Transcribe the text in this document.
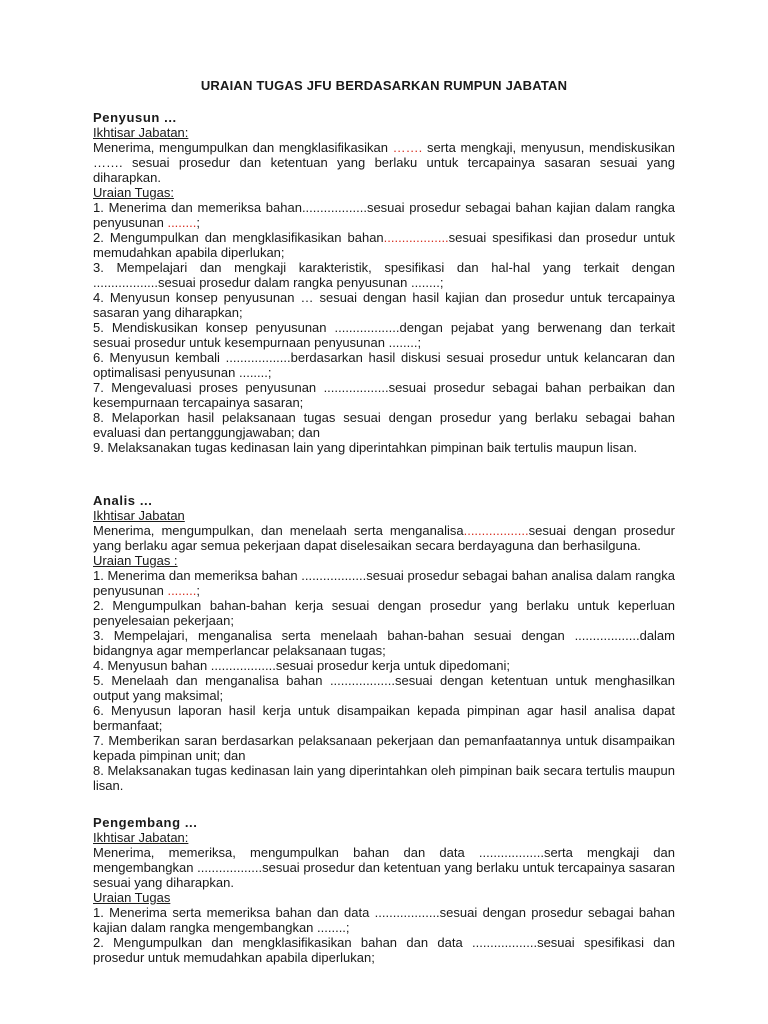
URAIAN TUGAS JFU BERDASARKAN RUMPUN JABATAN
Penyusun ...
Ikhtisar Jabatan:
Menerima, mengumpulkan dan mengklasifikasikan ……. serta mengkaji, menyusun, mendiskusikan ……. sesuai prosedur dan ketentuan yang berlaku untuk tercapainya sasaran sesuai yang diharapkan.
Uraian Tugas:
1. Menerima dan memeriksa bahan..................sesuai prosedur sebagai bahan kajian dalam rangka penyusunan ........;
2. Mengumpulkan dan mengklasifikasikan bahan..................sesuai spesifikasi dan prosedur untuk memudahkan apabila diperlukan;
3. Mempelajari dan mengkaji karakteristik, spesifikasi dan hal-hal yang terkait dengan ..................sesuai prosedur dalam rangka penyusunan ........;
4. Menyusun konsep penyusunan … sesuai dengan hasil kajian dan prosedur untuk tercapainya sasaran yang diharapkan;
5. Mendiskusikan konsep penyusunan ..................dengan pejabat yang berwenang dan terkait sesuai prosedur untuk kesempurnaan penyusunan ........;
6. Menyusun kembali ..................berdasarkan hasil diskusi sesuai prosedur untuk kelancaran dan optimalisasi penyusunan ........;
7. Mengevaluasi proses penyusunan ..................sesuai prosedur sebagai bahan perbaikan dan kesempurnaan tercapainya sasaran;
8. Melaporkan hasil pelaksanaan tugas sesuai dengan prosedur yang berlaku sebagai bahan evaluasi dan pertanggungjawaban; dan
9. Melaksanakan tugas kedinasan lain yang diperintahkan pimpinan baik tertulis maupun lisan.
Analis ...
Ikhtisar Jabatan
Menerima, mengumpulkan, dan menelaah serta menganalisa..................sesuai dengan prosedur yang berlaku agar semua pekerjaan dapat diselesaikan secara berdayaguna dan berhasilguna.
Uraian Tugas :
1. Menerima dan memeriksa bahan ..................sesuai prosedur sebagai bahan analisa dalam rangka penyusunan ........;
2. Mengumpulkan bahan-bahan kerja sesuai dengan prosedur yang berlaku untuk keperluan penyelesaian pekerjaan;
3. Mempelajari, menganalisa serta menelaah bahan-bahan sesuai dengan ..................dalam bidangnya agar memperlancar pelaksanaan tugas;
4. Menyusun bahan ..................sesuai prosedur kerja untuk dipedomani;
5. Menelaah dan menganalisa bahan ..................sesuai dengan ketentuan untuk menghasilkan output yang maksimal;
6. Menyusun laporan hasil kerja untuk disampaikan kepada pimpinan agar hasil analisa dapat bermanfaat;
7. Memberikan saran berdasarkan pelaksanaan pekerjaan dan pemanfaatannya untuk disampaikan kepada pimpinan unit; dan
8. Melaksanakan tugas kedinasan lain yang diperintahkan oleh pimpinan baik secara tertulis maupun lisan.
Pengembang ...
Ikhtisar Jabatan:
Menerima, memeriksa, mengumpulkan bahan dan data ..................serta mengkaji dan mengembangkan ..................sesuai prosedur dan ketentuan yang berlaku untuk tercapainya sasaran sesuai yang diharapkan.
Uraian Tugas
1. Menerima serta memeriksa bahan dan data ..................sesuai dengan prosedur sebagai bahan kajian dalam rangka mengembangkan ........;
2. Mengumpulkan dan mengklasifikasikan bahan dan data ..................sesuai spesifikasi dan prosedur untuk memudahkan apabila diperlukan;
